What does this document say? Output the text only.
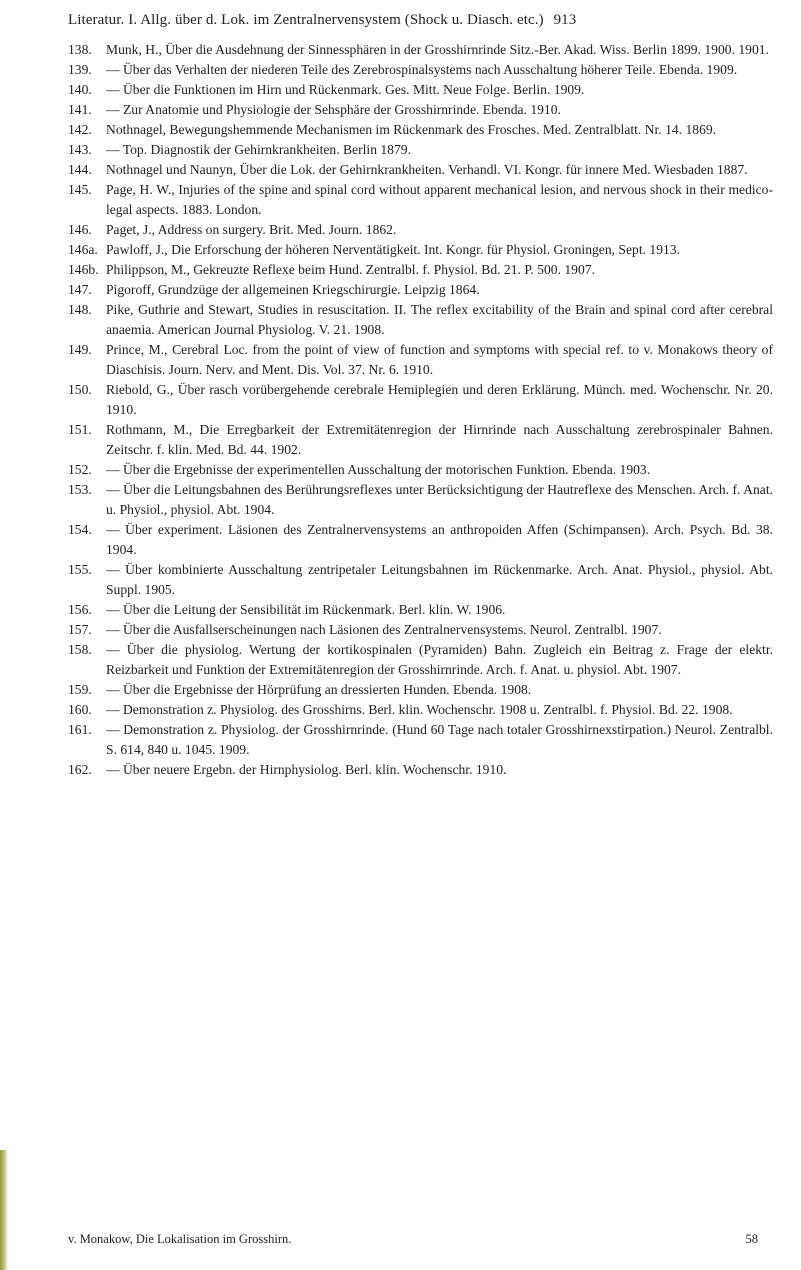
Literatur. I. Allg. über d. Lok. im Zentralnervensystem (Shock u. Diasch. etc.) 913
138.	Munk, H., Über die Ausdehnung der Sinnessphären in der Grosshirnrinde Sitz.-Ber. Akad. Wiss. Berlin 1899. 1900. 1901.
139.	— Über das Verhalten der niederen Teile des Zerebrospinalsystems nach Ausschaltung höherer Teile. Ebenda. 1909.
140.	— Über die Funktionen im Hirn und Rückenmark. Ges. Mitt. Neue Folge. Berlin. 1909.
141.	— Zur Anatomie und Physiologie der Sehsphäre der Grosshirnrinde. Ebenda. 1910.
142.	Nothnagel, Bewegungshemmende Mechanismen im Rückenmark des Frosches. Med. Zentralblatt. Nr. 14. 1869.
143.	— Top. Diagnostik der Gehirnkrankheiten. Berlin 1879.
144.	Nothnagel und Naunyn, Über die Lok. der Gehirnkrankheiten. Verhandl. VI. Kongr. für innere Med. Wiesbaden 1887.
145.	Page, H. W., Injuries of the spine and spinal cord without apparent mechanical lesion, and nervous shock in their medico-legal aspects. 1883. London.
146.	Paget, J., Address on surgery. Brit. Med. Journ. 1862.
146a. Pawloff, J., Die Erforschung der höheren Nerventätigkeit. Int. Kongr. für Physiol. Groningen, Sept. 1913.
146b. Philippson, M., Gekreuzte Reflexe beim Hund. Zentralbl. f. Physiol. Bd. 21. P. 500. 1907.
147.	Pigoroff, Grundzüge der allgemeinen Kriegschirurgie. Leipzig 1864.
148.	Pike, Guthrie and Stewart, Studies in resuscitation. II. The reflex excitability of the Brain and spinal cord after cerebral anaemia. American Journal Physiolog. V. 21. 1908.
149.	Prince, M., Cerebral Loc. from the point of view of function and symptoms with special ref. to v. Monakows theory of Diaschisis. Journ. Nerv. and Ment. Dis. Vol. 37. Nr. 6. 1910.
150.	Riebold, G., Über rasch vorübergehende cerebrale Hemiplegien und deren Erklärung. Münch. med. Wochenschr. Nr. 20. 1910.
151.	Rothmann, M., Die Erregbarkeit der Extremitätenregion der Hirnrinde nach Ausschaltung zerebrospinaler Bahnen. Zeitschr. f. klin. Med. Bd. 44. 1902.
152.	— Über die Ergebnisse der experimentellen Ausschaltung der motorischen Funktion. Ebenda. 1903.
153.	— Über die Leitungsbahnen des Berührungsreflexes unter Berücksichtigung der Hautreflexe des Menschen. Arch. f. Anat. u. Physiol., physiol. Abt. 1904.
154.	— Über experiment. Läsionen des Zentralnervensystems an anthropoiden Affen (Schimpansen). Arch. Psych. Bd. 38. 1904.
155.	— Über kombinierte Ausschaltung zentripetaler Leitungsbahnen im Rückenmarke. Arch. Anat. Physiol., physiol. Abt. Suppl. 1905.
156.	— Über die Leitung der Sensibilität im Rückenmark. Berl. klin. W. 1906.
157.	— Über die Ausfallserscheinungen nach Läsionen des Zentralnervensystems. Neurol. Zentralbl. 1907.
158.	— Über die physiolog. Wertung der kortikospinalen (Pyramiden) Bahn. Zugleich ein Beitrag z. Frage der elektr. Reizbarkeit und Funktion der Extremitätenregion der Grosshirnrinde. Arch. f. Anat. u. physiol. Abt. 1907.
159.	— Über die Ergebnisse der Hörprüfung an dressierten Hunden. Ebenda. 1908.
160.	— Demonstration z. Physiolog. des Grosshirns. Berl. klin. Wochenschr. 1908 u. Zentralbl. f. Physiol. Bd. 22. 1908.
161.	— Demonstration z. Physiolog. der Grosshirnrinde. (Hund 60 Tage nach totaler Grosshirnexstirpation.) Neurol. Zentralbl. S. 614, 840 u. 1045. 1909.
162.	— Über neuere Ergebn. der Hirnphysiolog. Berl. klin. Wochenschr. 1910.
v. Monakow, Die Lokalisation im Grosshirn.	58
